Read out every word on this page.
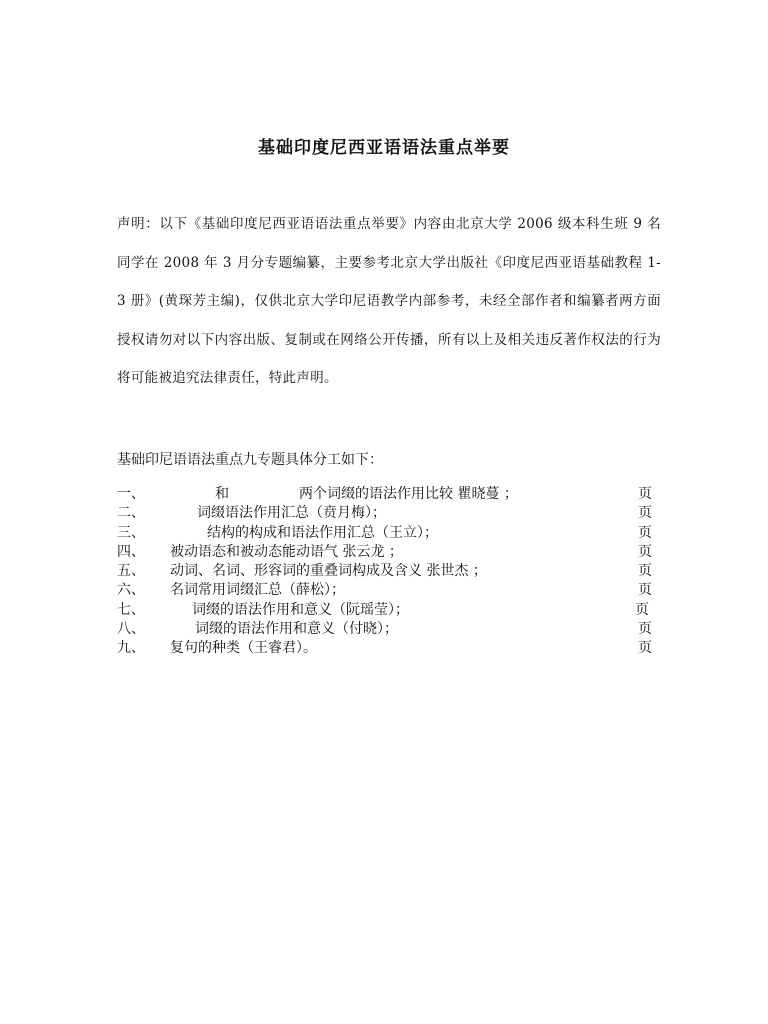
基础印度尼西亚语语法重点举要
声明：以下《基础印度尼西亚语语法重点举要》内容由北京大学 2006 级本科生班 9 名同学在 2008 年 3 月分专题编纂，主要参考北京大学出版社《印度尼西亚语基础教程 1-3 册》(黄琛芳主编)，仅供北京大学印尼语教学内部参考，未经全部作者和编纂者两方面授权请勿对以下内容出版、复制或在网络公开传播，所有以上及相关违反著作权法的行为将可能被追究法律责任，特此声明。
基础印尼语语法重点九专题具体分工如下：
一、	和　　　　　两个词缀的语法作用比较 瞿晓蔓 ；	页
二、	词缀语法作用汇总（贲月梅）；	页
三、	结构的构成和语法作用汇总（王立）；	页
四、 被动语态和被动态能动语气 张云龙 ；	页
五、 动词、名词、形容词的重叠词构成及含义 张世杰 ；	页
六、 名词常用词缀汇总（薛松）；	页
七、	词缀的语法作用和意义（阮瑶莹）；	页
八、	词缀的语法作用和意义（付晓）；	页
九、 复句的种类（王睿君）。	页
